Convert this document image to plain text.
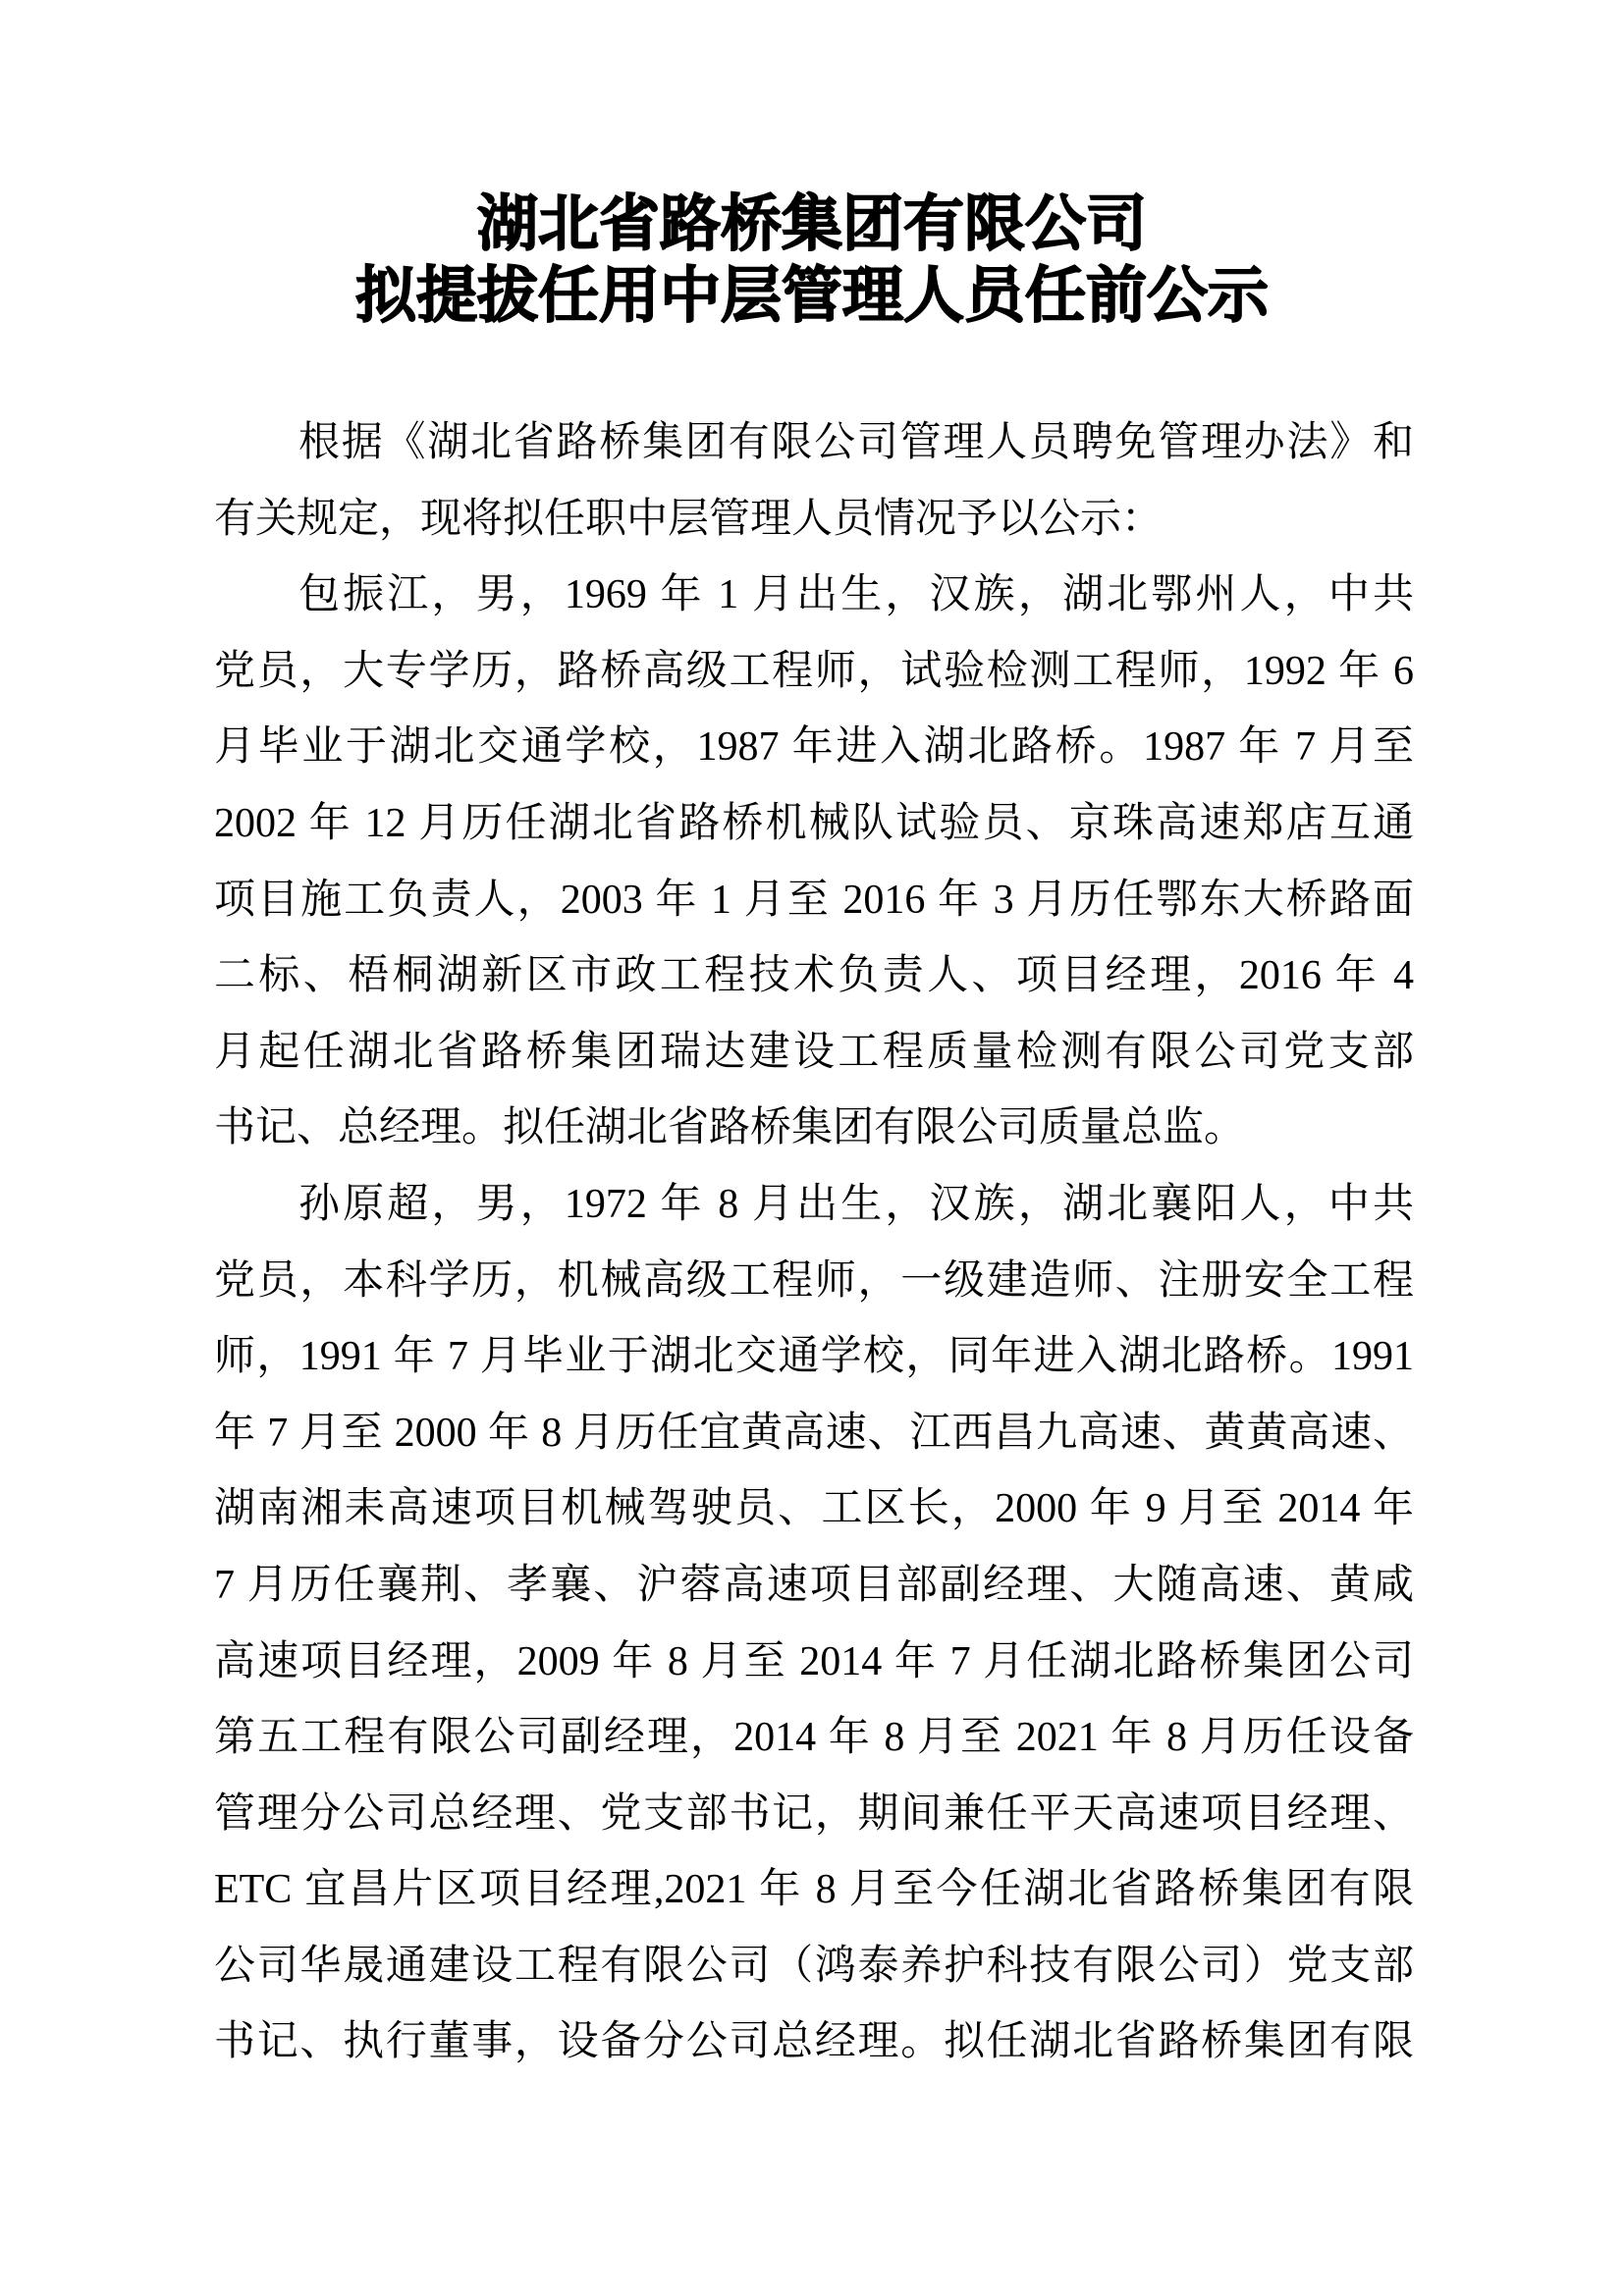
湖北省路桥集团有限公司
拟提拔任用中层管理人员任前公示
根据《湖北省路桥集团有限公司管理人员聘免管理办法》和
有关规定，现将拟任职中层管理人员情况予以公示：
包振江，男，1969 年 1 月出生，汉族，湖北鄂州人，中共
党员，大专学历，路桥高级工程师，试验检测工程师，1992 年 6
月毕业于湖北交通学校，1987 年进入湖北路桥。1987 年 7 月至
2002 年 12 月历任湖北省路桥机械队试验员、京珠高速郑店互通
项目施工负责人，2003 年 1 月至 2016 年 3 月历任鄂东大桥路面
二标、梧桐湖新区市政工程技术负责人、项目经理，2016 年 4
月起任湖北省路桥集团瑞达建设工程质量检测有限公司党支部
书记、总经理。拟任湖北省路桥集团有限公司质量总监。
孙原超，男，1972 年 8 月出生，汉族，湖北襄阳人，中共
党员，本科学历，机械高级工程师，一级建造师、注册安全工程
师，1991 年 7 月毕业于湖北交通学校，同年进入湖北路桥。1991
年 7 月至 2000 年 8 月历任宜黄高速、江西昌九高速、黄黄高速、
湖南湘耒高速项目机械驾驶员、工区长，2000 年 9 月至 2014 年
7 月历任襄荆、孝襄、沪蓉高速项目部副经理、大随高速、黄咸
高速项目经理，2009 年 8 月至 2014 年 7 月任湖北路桥集团公司
第五工程有限公司副经理，2014 年 8 月至 2021 年 8 月历任设备
管理分公司总经理、党支部书记，期间兼任平天高速项目经理、
ETC 宜昌片区项目经理,2021 年 8 月至今任湖北省路桥集团有限
公司华晟通建设工程有限公司（鸿泰养护科技有限公司）党支部
书记、执行董事，设备分公司总经理。拟任湖北省路桥集团有限
